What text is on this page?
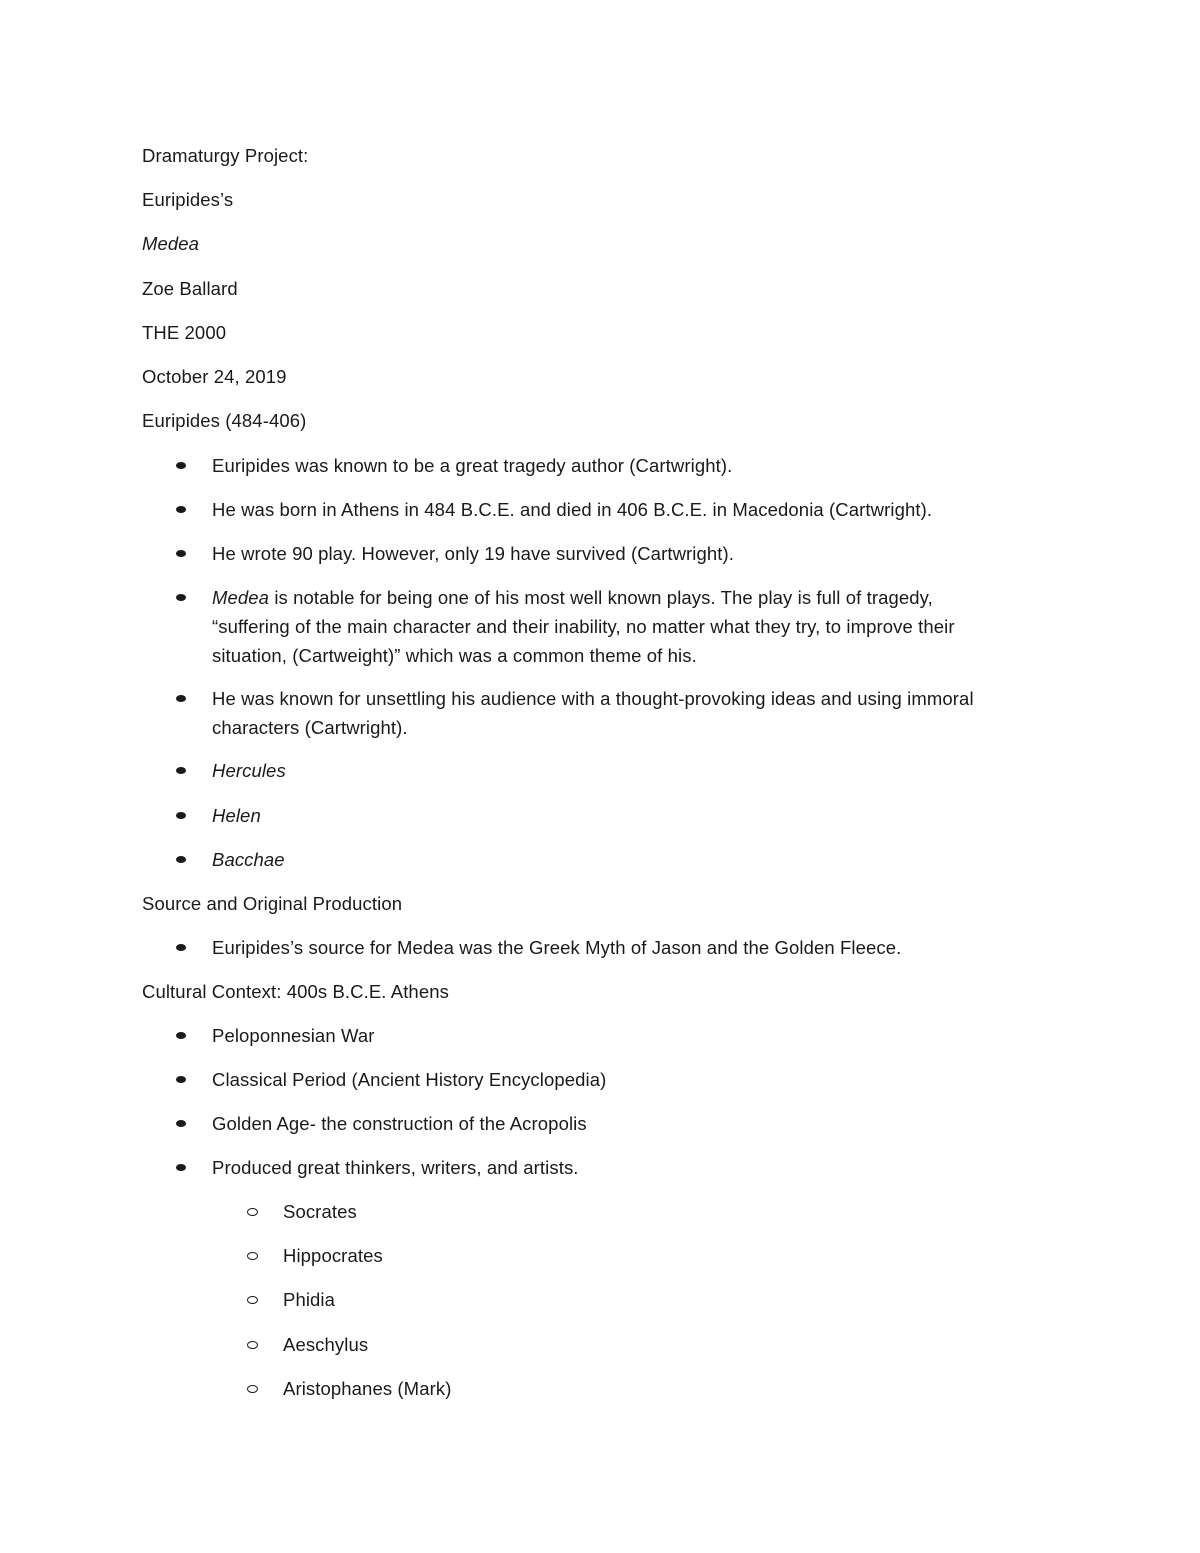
Dramaturgy Project:
Euripides’s
Medea
Zoe Ballard
THE 2000
October 24, 2019
Euripides (484-406)
Euripides was known to be a great tragedy author (Cartwright).
He was born in Athens in 484 B.C.E. and died in 406 B.C.E. in Macedonia (Cartwright).
He wrote 90 play. However, only 19 have survived (Cartwright).
Medea is notable for being one of his most well known plays. The play is full of tragedy,
“suffering of the main character and their inability, no matter what they try, to improve their
situation, (Cartweight)” which was a common theme of his.
He was known for unsettling his audience with a thought-provoking ideas and using immoral
characters (Cartwright).
Hercules
Helen
Bacchae
Source and Original Production
Euripides’s source for Medea was the Greek Myth of Jason and the Golden Fleece.
Cultural Context: 400s B.C.E. Athens
Peloponnesian War
Classical Period (Ancient History Encyclopedia)
Golden Age- the construction of the Acropolis
Produced great thinkers, writers, and artists.
Socrates
Hippocrates
Phidia
Aeschylus
Aristophanes (Mark)
